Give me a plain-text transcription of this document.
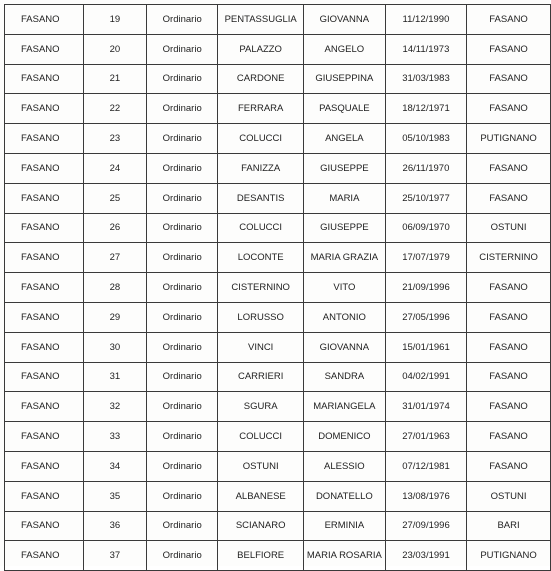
FASANO	19	Ordinario	PENTASSUGLIA	GIOVANNA	11/12/1990	FASANO
FASANO	20	Ordinario	PALAZZO	ANGELO	14/11/1973	FASANO
FASANO	21	Ordinario	CARDONE	GIUSEPPINA	31/03/1983	FASANO
FASANO	22	Ordinario	FERRARA	PASQUALE	18/12/1971	FASANO
FASANO	23	Ordinario	COLUCCI	ANGELA	05/10/1983	PUTIGNANO
FASANO	24	Ordinario	FANIZZA	GIUSEPPE	26/11/1970	FASANO
FASANO	25	Ordinario	DESANTIS	MARIA	25/10/1977	FASANO
FASANO	26	Ordinario	COLUCCI	GIUSEPPE	06/09/1970	OSTUNI
FASANO	27	Ordinario	LOCONTE	MARIA GRAZIA	17/07/1979	CISTERNINO
FASANO	28	Ordinario	CISTERNINO	VITO	21/09/1996	FASANO
FASANO	29	Ordinario	LORUSSO	ANTONIO	27/05/1996	FASANO
FASANO	30	Ordinario	VINCI	GIOVANNA	15/01/1961	FASANO
FASANO	31	Ordinario	CARRIERI	SANDRA	04/02/1991	FASANO
FASANO	32	Ordinario	SGURA	MARIANGELA	31/01/1974	FASANO
FASANO	33	Ordinario	COLUCCI	DOMENICO	27/01/1963	FASANO
FASANO	34	Ordinario	OSTUNI	ALESSIO	07/12/1981	FASANO
FASANO	35	Ordinario	ALBANESE	DONATELLO	13/08/1976	OSTUNI
FASANO	36	Ordinario	SCIANARO	ERMINIA	27/09/1996	BARI
FASANO	37	Ordinario	BELFIORE	MARIA ROSARIA	23/03/1991	PUTIGNANO
